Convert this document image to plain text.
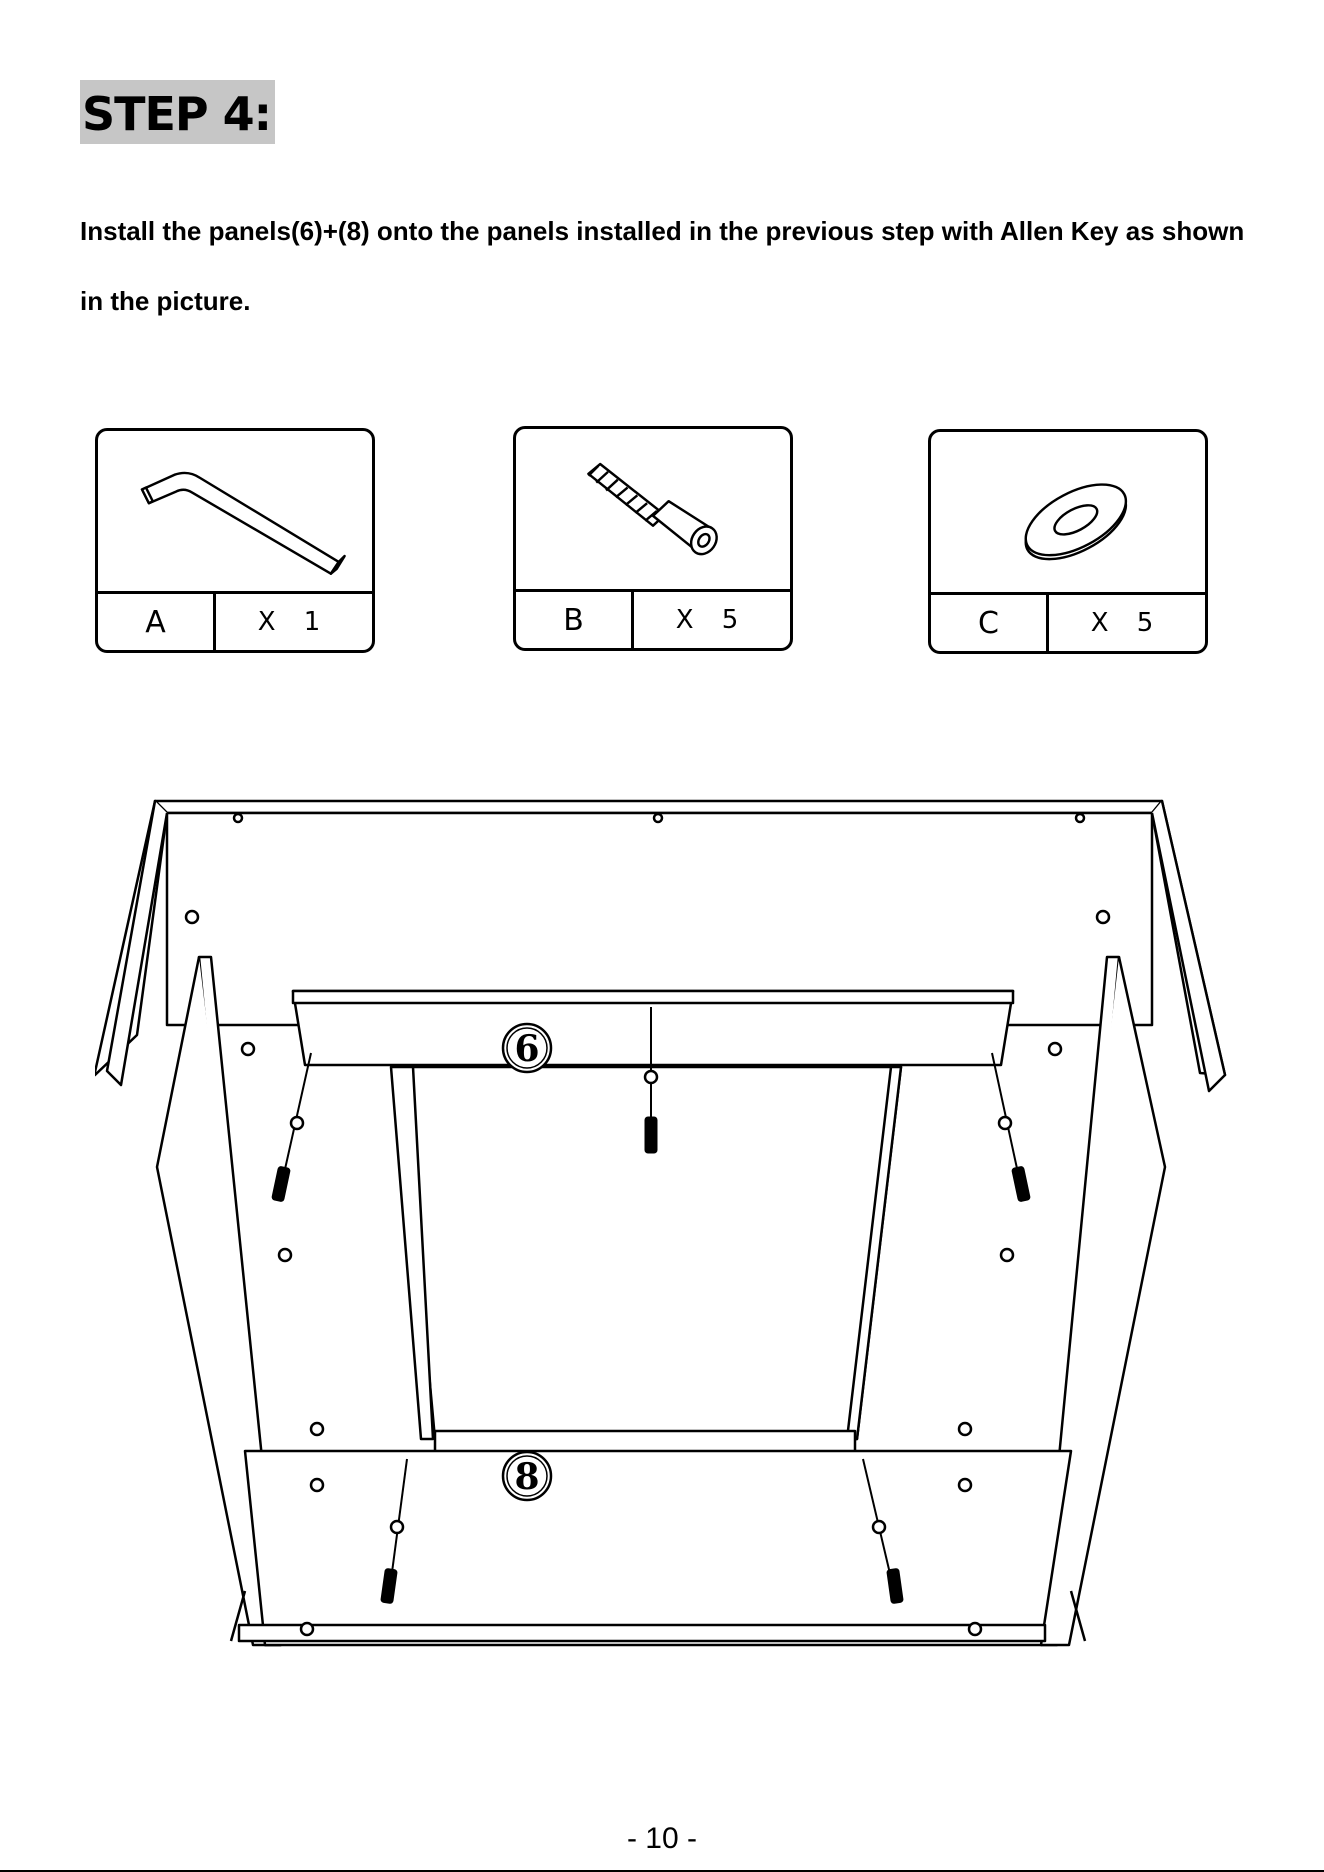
STEP 4:
Install the panels(6)+(8) onto the panels installed in the previous step with Allen Key as shown in the picture.
A	X 1	B	X 5	C	X 5
6
8
- 10 -
